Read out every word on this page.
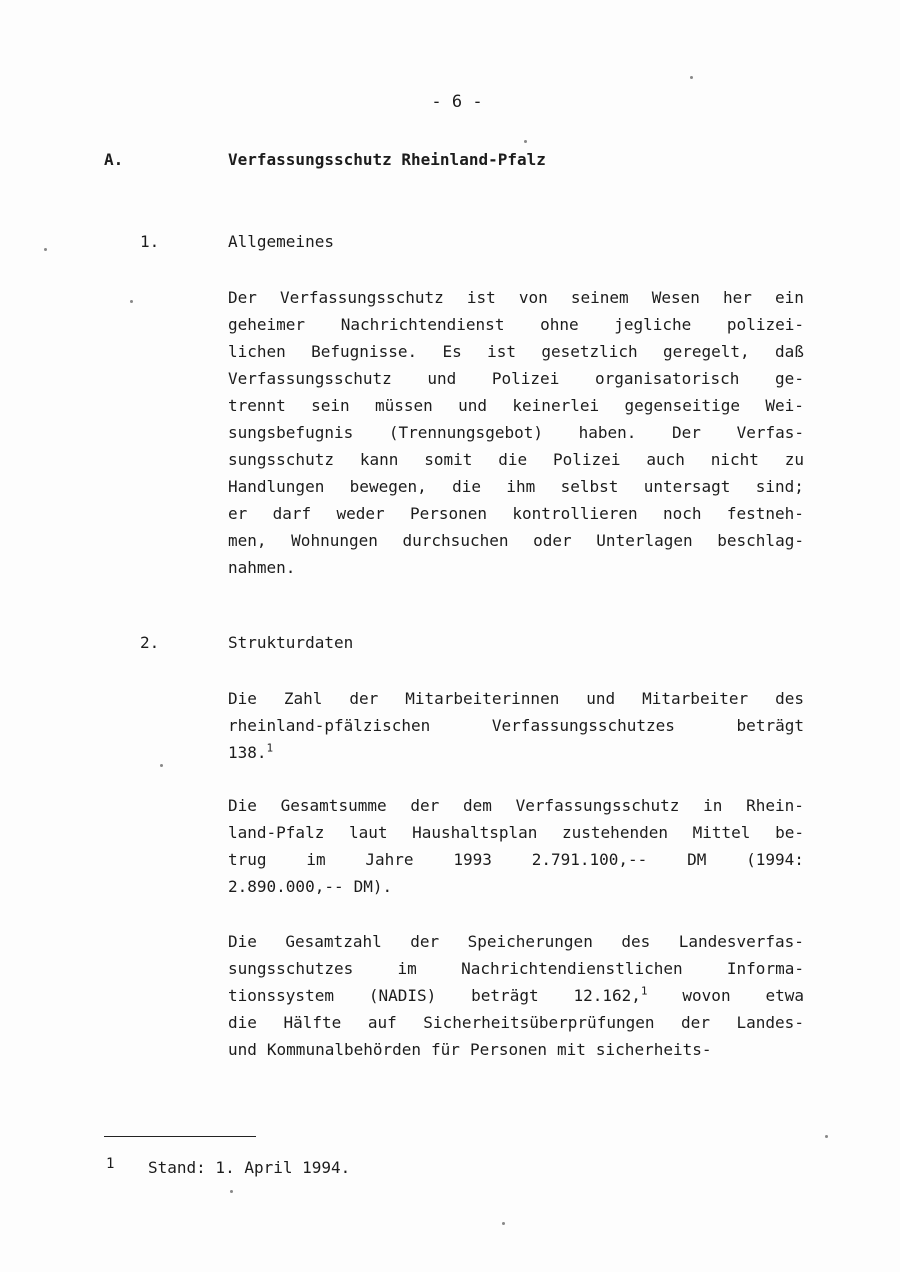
- 6 -
A.	Verfassungsschutz Rheinland-Pfalz
1.	Allgemeines
Der Verfassungsschutz ist von seinem Wesen her ein
geheimer Nachrichtendienst ohne jegliche polizei-
lichen Befugnisse. Es ist gesetzlich geregelt, daß
Verfassungsschutz und Polizei organisatorisch ge-
trennt sein müssen und keinerlei gegenseitige Wei-
sungsbefugnis (Trennungsgebot) haben. Der Verfas-
sungsschutz kann somit die Polizei auch nicht zu
Handlungen bewegen, die ihm selbst untersagt sind;
er darf weder Personen kontrollieren noch festneh-
men, Wohnungen durchsuchen oder Unterlagen beschlag-
nahmen.
2.	Strukturdaten
Die Zahl der Mitarbeiterinnen und Mitarbeiter des
rheinland-pfälzischen	Verfassungsschutzes	beträgt
138.$^1$
Die Gesamtsumme der dem Verfassungsschutz in Rhein-
land-Pfalz laut Haushaltsplan zustehenden Mittel be-
trug im Jahre 1993 2.791.100,-- DM (1994:
2.890.000,-- DM).
Die Gesamtzahl der Speicherungen des Landesverfas-
sungsschutzes	im	Nachrichtendienstlichen	Informa-
tionssystem (NADIS) beträgt 12.162,$^1$ wovon etwa
die Hälfte auf Sicherheitsüberprüfungen der Landes-
und Kommunalbehörden für Personen mit sicherheits-
1 Stand: 1. April 1994.
